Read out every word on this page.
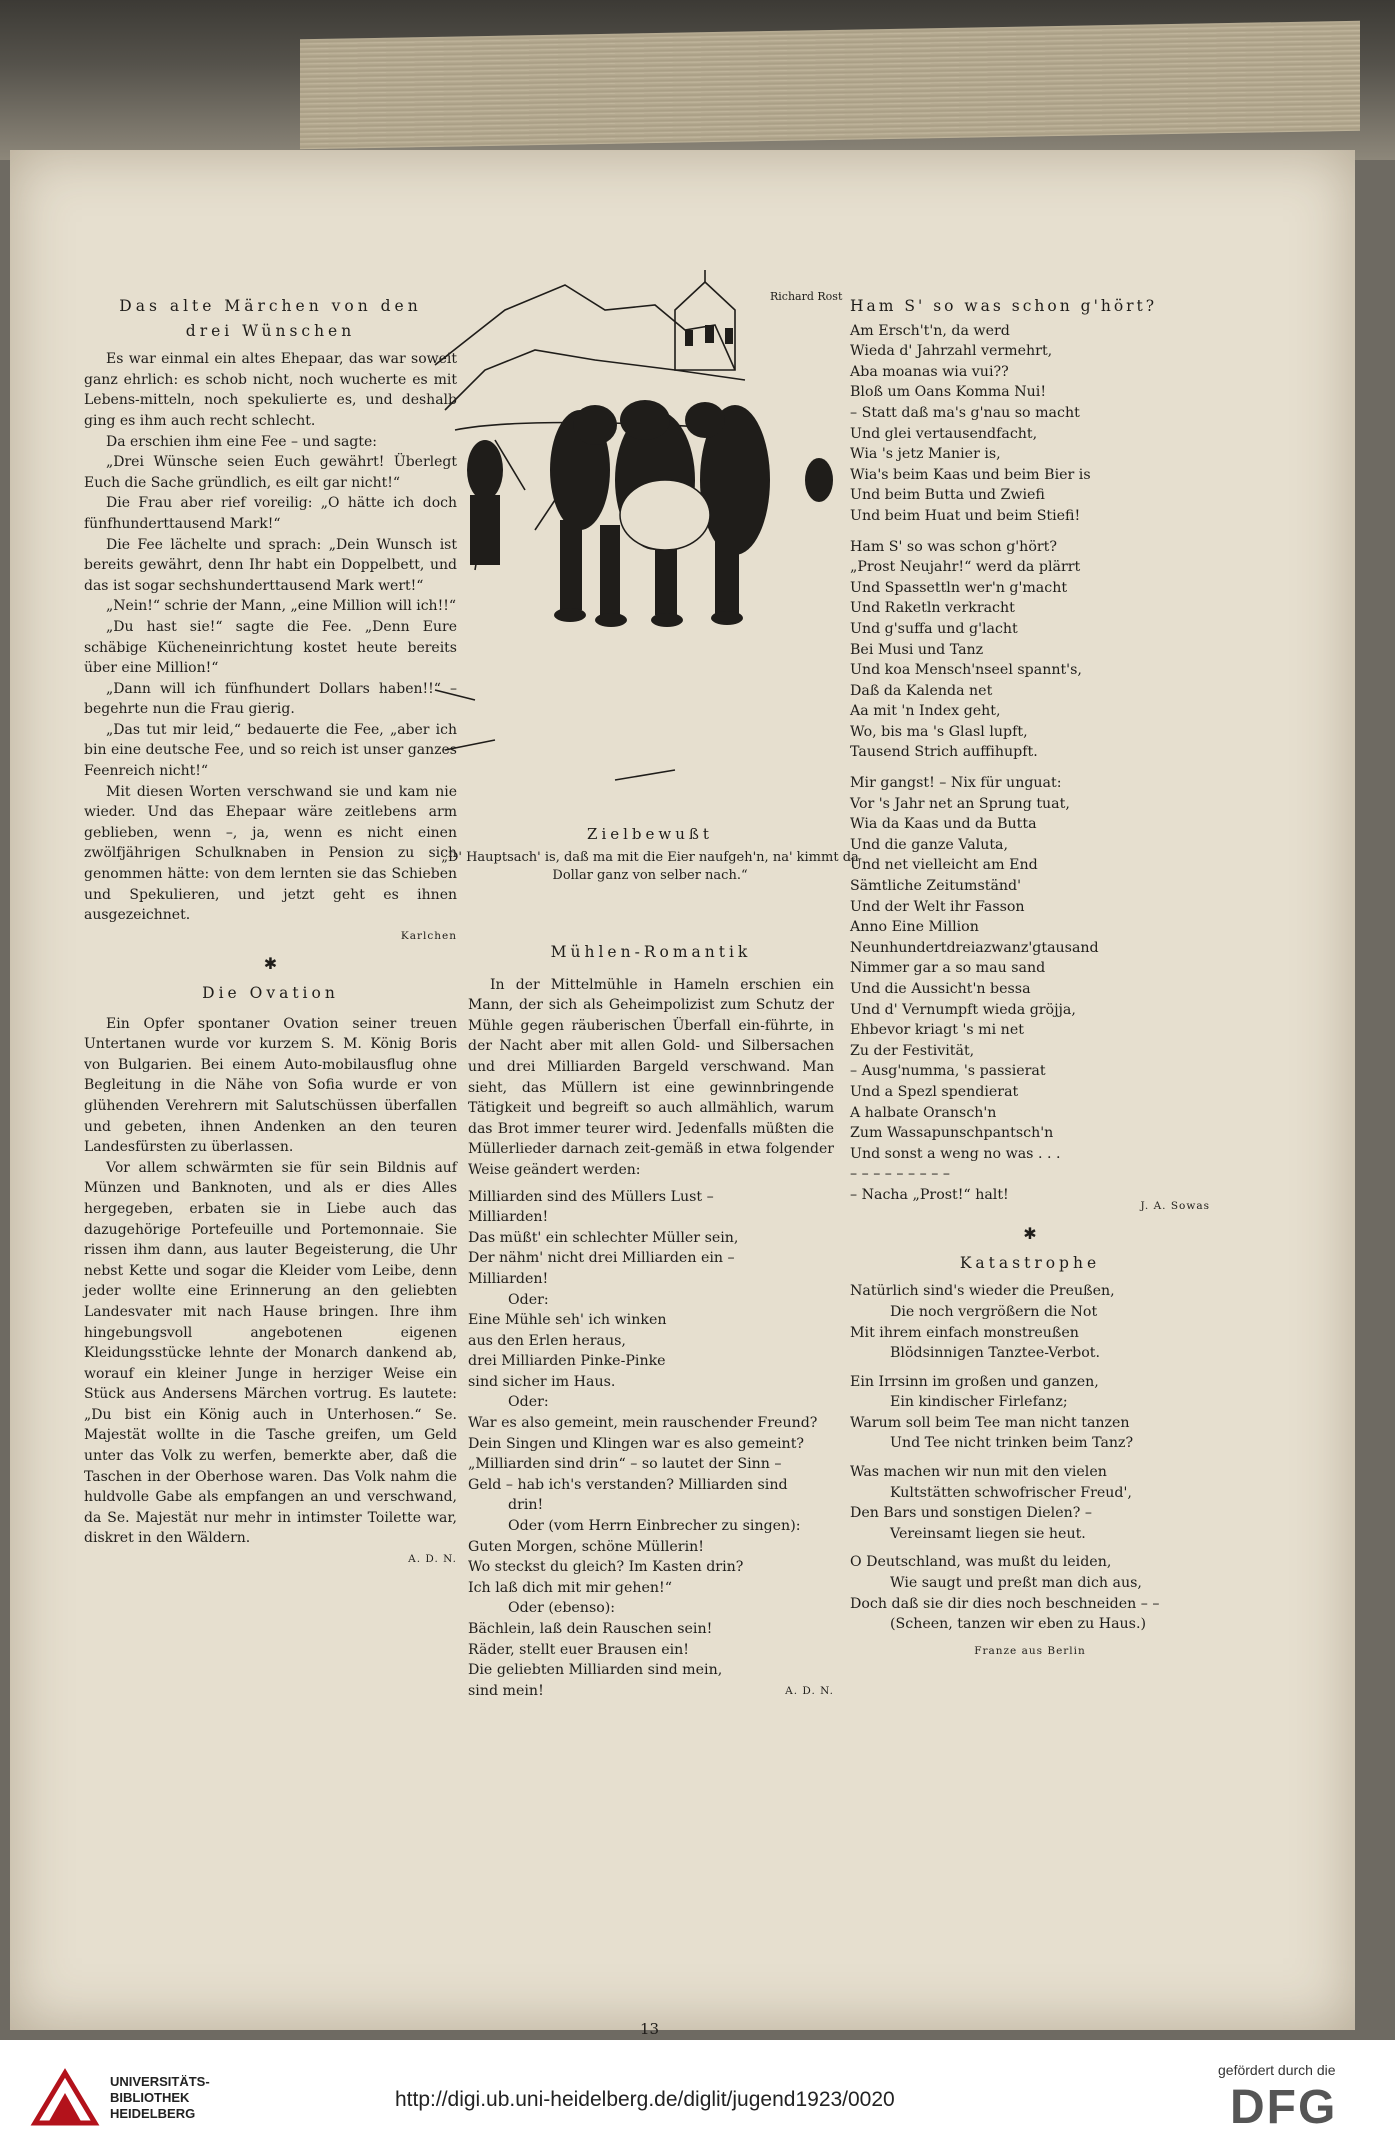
Das alte Märchen von den
drei Wünschen

Es war einmal ein altes Ehepaar, das war soweit ganz ehrlich: es schob nicht, noch wucherte es mit Lebens-mitteln, noch spekulierte es, und deshalb ging es ihm auch recht schlecht.

Da erschien ihm eine Fee – und sagte:

„Drei Wünsche seien Euch gewährt! Überlegt Euch die Sache gründlich, es eilt gar nicht!“

Die Frau aber rief voreilig: „O hätte ich doch fünfhunderttausend Mark!“

Die Fee lächelte und sprach: „Dein Wunsch ist bereits gewährt, denn Ihr habt ein Doppelbett, und das ist sogar sechshunderttausend Mark wert!“

„Nein!“ schrie der Mann, „eine Million will ich!!“

„Du hast sie!“ sagte die Fee. „Denn Eure schäbige Kücheneinrichtung kostet heute bereits über eine Million!“

„Dann will ich fünfhundert Dollars haben!!“ – begehrte nun die Frau gierig.

„Das tut mir leid,“ bedauerte die Fee, „aber ich bin eine deutsche Fee, und so reich ist unser ganzes Feenreich nicht!“

Mit diesen Worten verschwand sie und kam nie wieder. Und das Ehepaar wäre zeitlebens arm geblieben, wenn –, ja, wenn es nicht einen zwölfjährigen Schulknaben in Pension zu sich genommen hätte: von dem lernten sie das Schieben und Spekulieren, und jetzt geht es ihnen ausgezeichnet.

Karlchen
✱
Die Ovation

Ein Opfer spontaner Ovation seiner treuen Untertanen wurde vor kurzem S. M. König Boris von Bulgarien. Bei einem Auto-mobilausflug ohne Begleitung in die Nähe von Sofia wurde er von glühenden Verehrern mit Salutschüssen überfallen und gebeten, ihnen Andenken an den teuren Landesfürsten zu überlassen.

Vor allem schwärmten sie für sein Bildnis auf Münzen und Banknoten, und als er dies Alles hergegeben, erbaten sie in Liebe auch das dazugehörige Portefeuille und Portemonnaie. Sie rissen ihm dann, aus lauter Begeisterung, die Uhr nebst Kette und sogar die Kleider vom Leibe, denn jeder wollte eine Erinnerung an den geliebten Landesvater mit nach Hause bringen. Ihre ihm hingebungsvoll angebotenen eigenen Kleidungsstücke lehnte der Monarch dankend ab, worauf ein kleiner Junge in herziger Weise ein Stück aus Andersens Märchen vortrug. Es lautete: „Du bist ein König auch in Unterhosen.“ Se. Majestät wollte in die Tasche greifen, um Geld unter das Volk zu werfen, bemerkte aber, daß die Taschen in der Oberhose waren. Das Volk nahm die huldvolle Gabe als empfangen an und verschwand, da Se. Majestät nur mehr in intimster Toilette war, diskret in den Wäldern.

A. D. N.
Richard Rost
Zielbewußt
„D' Hauptsach' is, daß ma mit die Eier naufgeh'n, na' kimmt da Dollar ganz von selber nach.“
Mühlen-Romantik

In der Mittelmühle in Hameln erschien ein Mann, der sich als Geheimpolizist zum Schutz der Mühle gegen räuberischen Überfall ein-führte, in der Nacht aber mit allen Gold- und Silbersachen und drei Milliarden Bargeld verschwand. Man sieht, das Müllern ist eine gewinnbringende Tätigkeit und begreift so auch allmählich, warum das Brot immer teurer wird. Jedenfalls müßten die Müllerlieder darnach zeit-gemäß in etwa folgender Weise geändert werden:

Milliarden sind des Müllers Lust –
Milliarden!
Das müßt' ein schlechter Müller sein,
Der nähm' nicht drei Milliarden ein –
Milliarden!
Oder:
Eine Mühle seh' ich winken
aus den Erlen heraus,
drei Milliarden Pinke-Pinke
sind sicher im Haus.
Oder:
War es also gemeint, mein rauschender Freund?
Dein Singen und Klingen war es also gemeint?
„Milliarden sind drin“ – so lautet der Sinn –
Geld – hab ich's verstanden? Milliarden sind
drin!
Oder (vom Herrn Einbrecher zu singen):
Guten Morgen, schöne Müllerin!
Wo steckst du gleich? Im Kasten drin?
Ich laß dich mit mir gehen!“
Oder (ebenso):
Bächlein, laß dein Rauschen sein!
Räder, stellt euer Brausen ein!
Die geliebten Milliarden sind mein,
sind mein!	A. D. N.
Ham S' so was schon g'hört?
Am Ersch't'n, da werd
Wieda d' Jahrzahl vermehrt,
Aba moanas wia vui??
Bloß um Oans Komma Nui!
– Statt daß ma's g'nau so macht
Und glei vertausendfacht,
Wia 's jetz Manier is,
Wia's beim Kaas und beim Bier is
Und beim Butta und Zwiefi
Und beim Huat und beim Stiefi!
Ham S' so was schon g'hört?
„Prost Neujahr!“ werd da plärrt
Und Spassettln wer'n g'macht
Und Raketln verkracht
Und g'suffa und g'lacht
Bei Musi und Tanz
Und koa Mensch'nseel spannt's,
Daß da Kalenda net
Aa mit 'n Index geht,
Wo, bis ma 's Glasl lupft,
Tausend Strich auffihupft.
Mir gangst! – Nix für unguat:
Vor 's Jahr net an Sprung tuat,
Wia da Kaas und da Butta
Und die ganze Valuta,
Und net vielleicht am End
Sämtliche Zeitumständ'
Und der Welt ihr Fasson
Anno Eine Million
Neunhundertdreiazwanz'gtausand
Nimmer gar a so mau sand
Und die Aussicht'n bessa
Und d' Vernumpft wieda gröjja,
Ehbevor kriagt 's mi net
Zu der Festivität,
– Ausg'numma, 's passierat
Und a Spezl spendierat
A halbate Oransch'n
Zum Wassapunschpantsch'n
Und sonst a weng no was . . .
– – – – – – – – –
– Nacha „Prost!“ halt!
J. A. Sowas
✱
Katastrophe
Natürlich sind's wieder die Preußen,
Die noch vergrößern die Not
Mit ihrem einfach monstreußen
Blödsinnigen Tanztee-Verbot.

Ein Irrsinn im großen und ganzen,
Ein kindischer Firlefanz;
Warum soll beim Tee man nicht tanzen
Und Tee nicht trinken beim Tanz?

Was machen wir nun mit den vielen
Kultstätten schwofrischer Freud',
Den Bars und sonstigen Dielen? –
Vereinsamt liegen sie heut.

O Deutschland, was mußt du leiden,
Wie saugt und preßt man dich aus,
Doch daß sie dir dies noch beschneiden – –
(Scheen, tanzen wir eben zu Haus.)
Franze aus Berlin
13
UNIVERSITÄTS-
BIBLIOTHEK
HEIDELBERG
http://digi.ub.uni-heidelberg.de/diglit/jugend1923/0020
gefördert durch die
DFG
